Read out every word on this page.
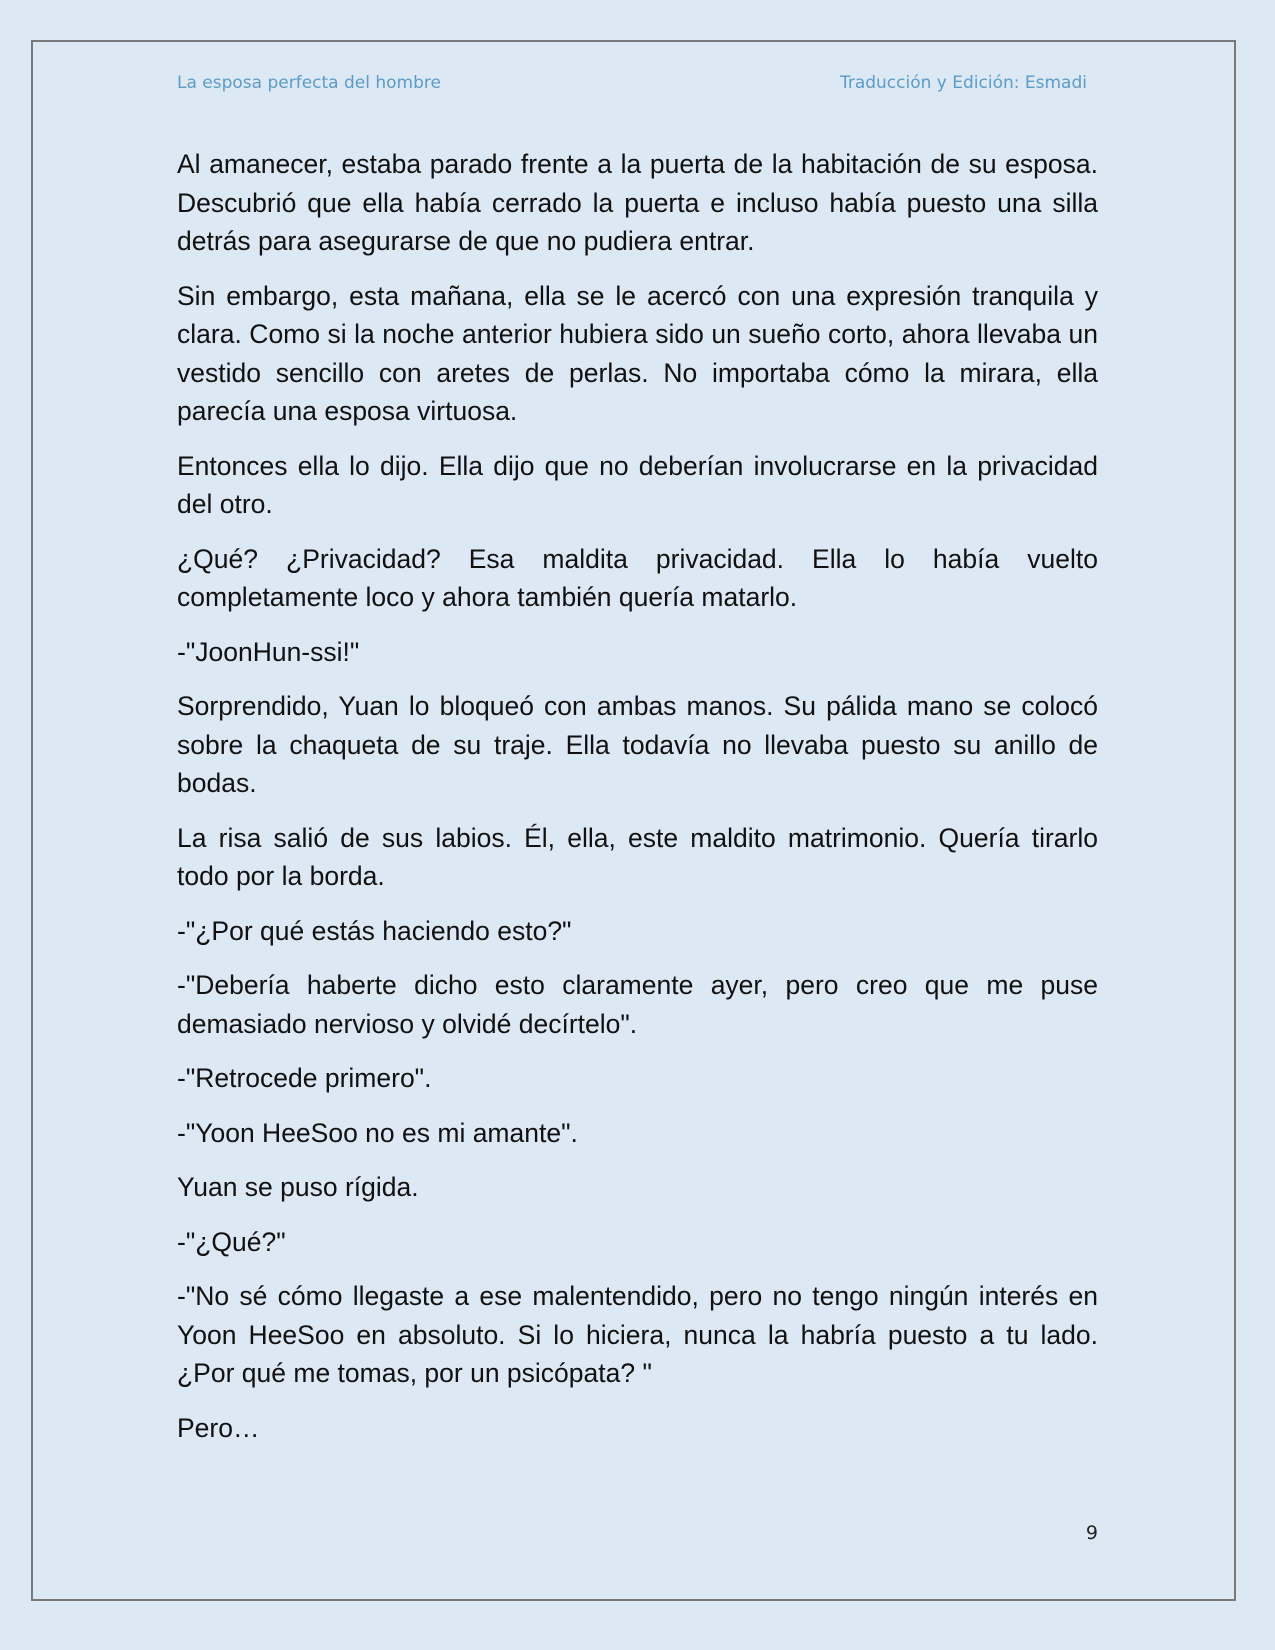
La esposa perfecta del hombre	Traducción y Edición: Esmadi

Al amanecer, estaba parado frente a la puerta de la habitación de su esposa. Descubrió que ella había cerrado la puerta e incluso había puesto una silla detrás para asegurarse de que no pudiera entrar.

Sin embargo, esta mañana, ella se le acercó con una expresión tranquila y clara. Como si la noche anterior hubiera sido un sueño corto, ahora llevaba un vestido sencillo con aretes de perlas. No importaba cómo la mirara, ella parecía una esposa virtuosa.

Entonces ella lo dijo. Ella dijo que no deberían involucrarse en la privacidad del otro.

¿Qué? ¿Privacidad? Esa maldita privacidad. Ella lo había vuelto completamente loco y ahora también quería matarlo.

-"JoonHun-ssi!"

Sorprendido, Yuan lo bloqueó con ambas manos. Su pálida mano se colocó sobre la chaqueta de su traje. Ella todavía no llevaba puesto su anillo de bodas.

La risa salió de sus labios. Él, ella, este maldito matrimonio. Quería tirarlo todo por la borda.

-"¿Por qué estás haciendo esto?"

-"Debería haberte dicho esto claramente ayer, pero creo que me puse demasiado nervioso y olvidé decírtelo".

-"Retrocede primero".

-"Yoon HeeSoo no es mi amante".

Yuan se puso rígida.

-"¿Qué?"

-"No sé cómo llegaste a ese malentendido, pero no tengo ningún interés en Yoon HeeSoo en absoluto. Si lo hiciera, nunca la habría puesto a tu lado. ¿Por qué me tomas, por un psicópata? "

Pero…

9
